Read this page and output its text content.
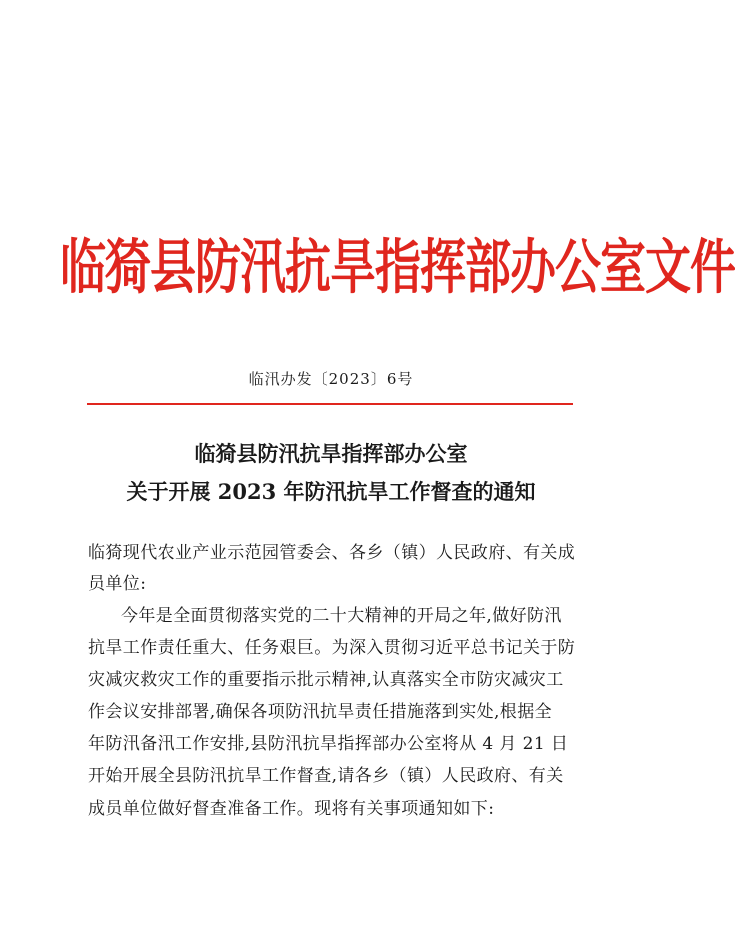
临猗县防汛抗旱指挥部办公室文件
临汛办发〔2023〕6号
临猗县防汛抗旱指挥部办公室
关于开展 2023 年防汛抗旱工作督查的通知
临猗现代农业产业示范园管委会、各乡（镇）人民政府、有关成
员单位:
今年是全面贯彻落实党的二十大精神的开局之年,做好防汛
抗旱工作责任重大、任务艰巨。为深入贯彻习近平总书记关于防
灾减灾救灾工作的重要指示批示精神,认真落实全市防灾减灾工
作会议安排部署,确保各项防汛抗旱责任措施落到实处,根据全
年防汛备汛工作安排,县防汛抗旱指挥部办公室将从 4 月 21 日
开始开展全县防汛抗旱工作督查,请各乡（镇）人民政府、有关
成员单位做好督查准备工作。现将有关事项通知如下:
